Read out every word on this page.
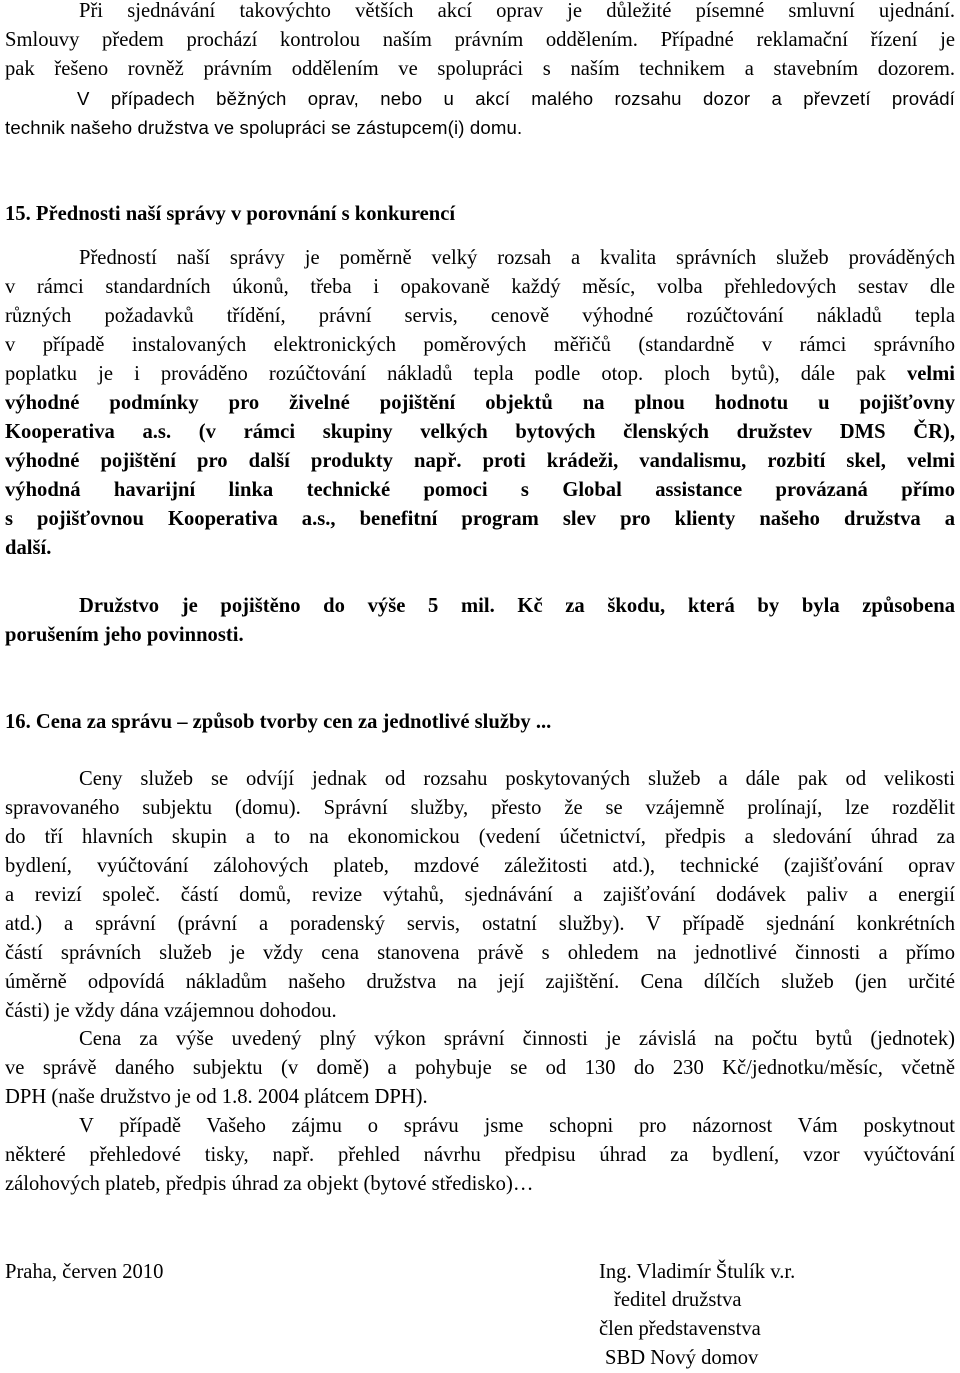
Při sjednávání takovýchto větších akcí oprav je důležité písemné smluvní ujednání.

Smlouvy předem prochází kontrolou naším právním oddělením. Případné reklamační řízení je

pak řešeno rovněž právním oddělením ve spolupráci s naším technikem a stavebním dozorem.

V případech běžných oprav, nebo u akcí malého rozsahu dozor a převzetí provádí

technik našeho družstva ve spolupráci se zástupcem(i) domu.

15. Přednosti naší správy v porovnání s konkurencí

Předností naší správy je poměrně velký rozsah a kvalita správních služeb prováděných

v rámci standardních úkonů, třeba i opakovaně každý měsíc, volba přehledových sestav dle

různých požadavků třídění, právní servis, cenově výhodné rozúčtování nákladů tepla

v případě instalovaných elektronických poměrových měřičů (standardně v rámci správního

poplatku je i prováděno rozúčtování nákladů tepla podle otop. ploch bytů), dále pak velmi

výhodné podmínky pro živelné pojištění objektů na plnou hodnotu u pojišťovny

Kooperativa a.s. (v rámci skupiny velkých bytových členských družstev DMS ČR),

výhodné pojištění pro další produkty např. proti krádeži, vandalismu, rozbití skel, velmi

výhodná havarijní linka technické pomoci s Global assistance provázaná přímo

s pojišťovnou Kooperativa a.s., benefitní program slev pro klienty našeho družstva a

další.

Družstvo je pojištěno do výše 5 mil. Kč za škodu, která by byla způsobena

porušením jeho povinnosti.

16. Cena za správu – způsob tvorby cen za jednotlivé služby ...

Ceny služeb se odvíjí jednak od rozsahu poskytovaných služeb a dále pak od velikosti

spravovaného subjektu (domu). Správní služby, přesto že se vzájemně prolínají, lze rozdělit

do tří hlavních skupin a to na ekonomickou (vedení účetnictví, předpis a sledování úhrad za

bydlení, vyúčtování zálohových plateb, mzdové záležitosti atd.), technické (zajišťování oprav

a revizí společ. částí domů, revize výtahů, sjednávání a zajišťování dodávek paliv a energií

atd.) a správní (právní a poradenský servis, ostatní služby). V případě sjednání konkrétních

částí správních služeb je vždy cena stanovena právě s ohledem na jednotlivé činnosti a přímo

úměrně odpovídá nákladům našeho družstva na její zajištění. Cena dílčích služeb (jen určité

části) je vždy dána vzájemnou dohodou.

Cena za výše uvedený plný výkon správní činnosti je závislá na počtu bytů (jednotek)

ve správě daného subjektu (v domě) a pohybuje se od 130 do 230 Kč/jednotku/měsíc, včetně

DPH (naše družstvo je od 1.8. 2004 plátcem DPH).

V případě Vašeho zájmu o správu jsme schopni pro názornost Vám poskytnout

některé přehledové tisky, např. přehled návrhu předpisu úhrad za bydlení, vzor vyúčtování

zálohových plateb, předpis úhrad za objekt (bytové středisko)…

Praha, červen 2010	Ing. Vladimír Štulík v.r.
ředitel družstva
člen představenstva
SBD Nový domov
